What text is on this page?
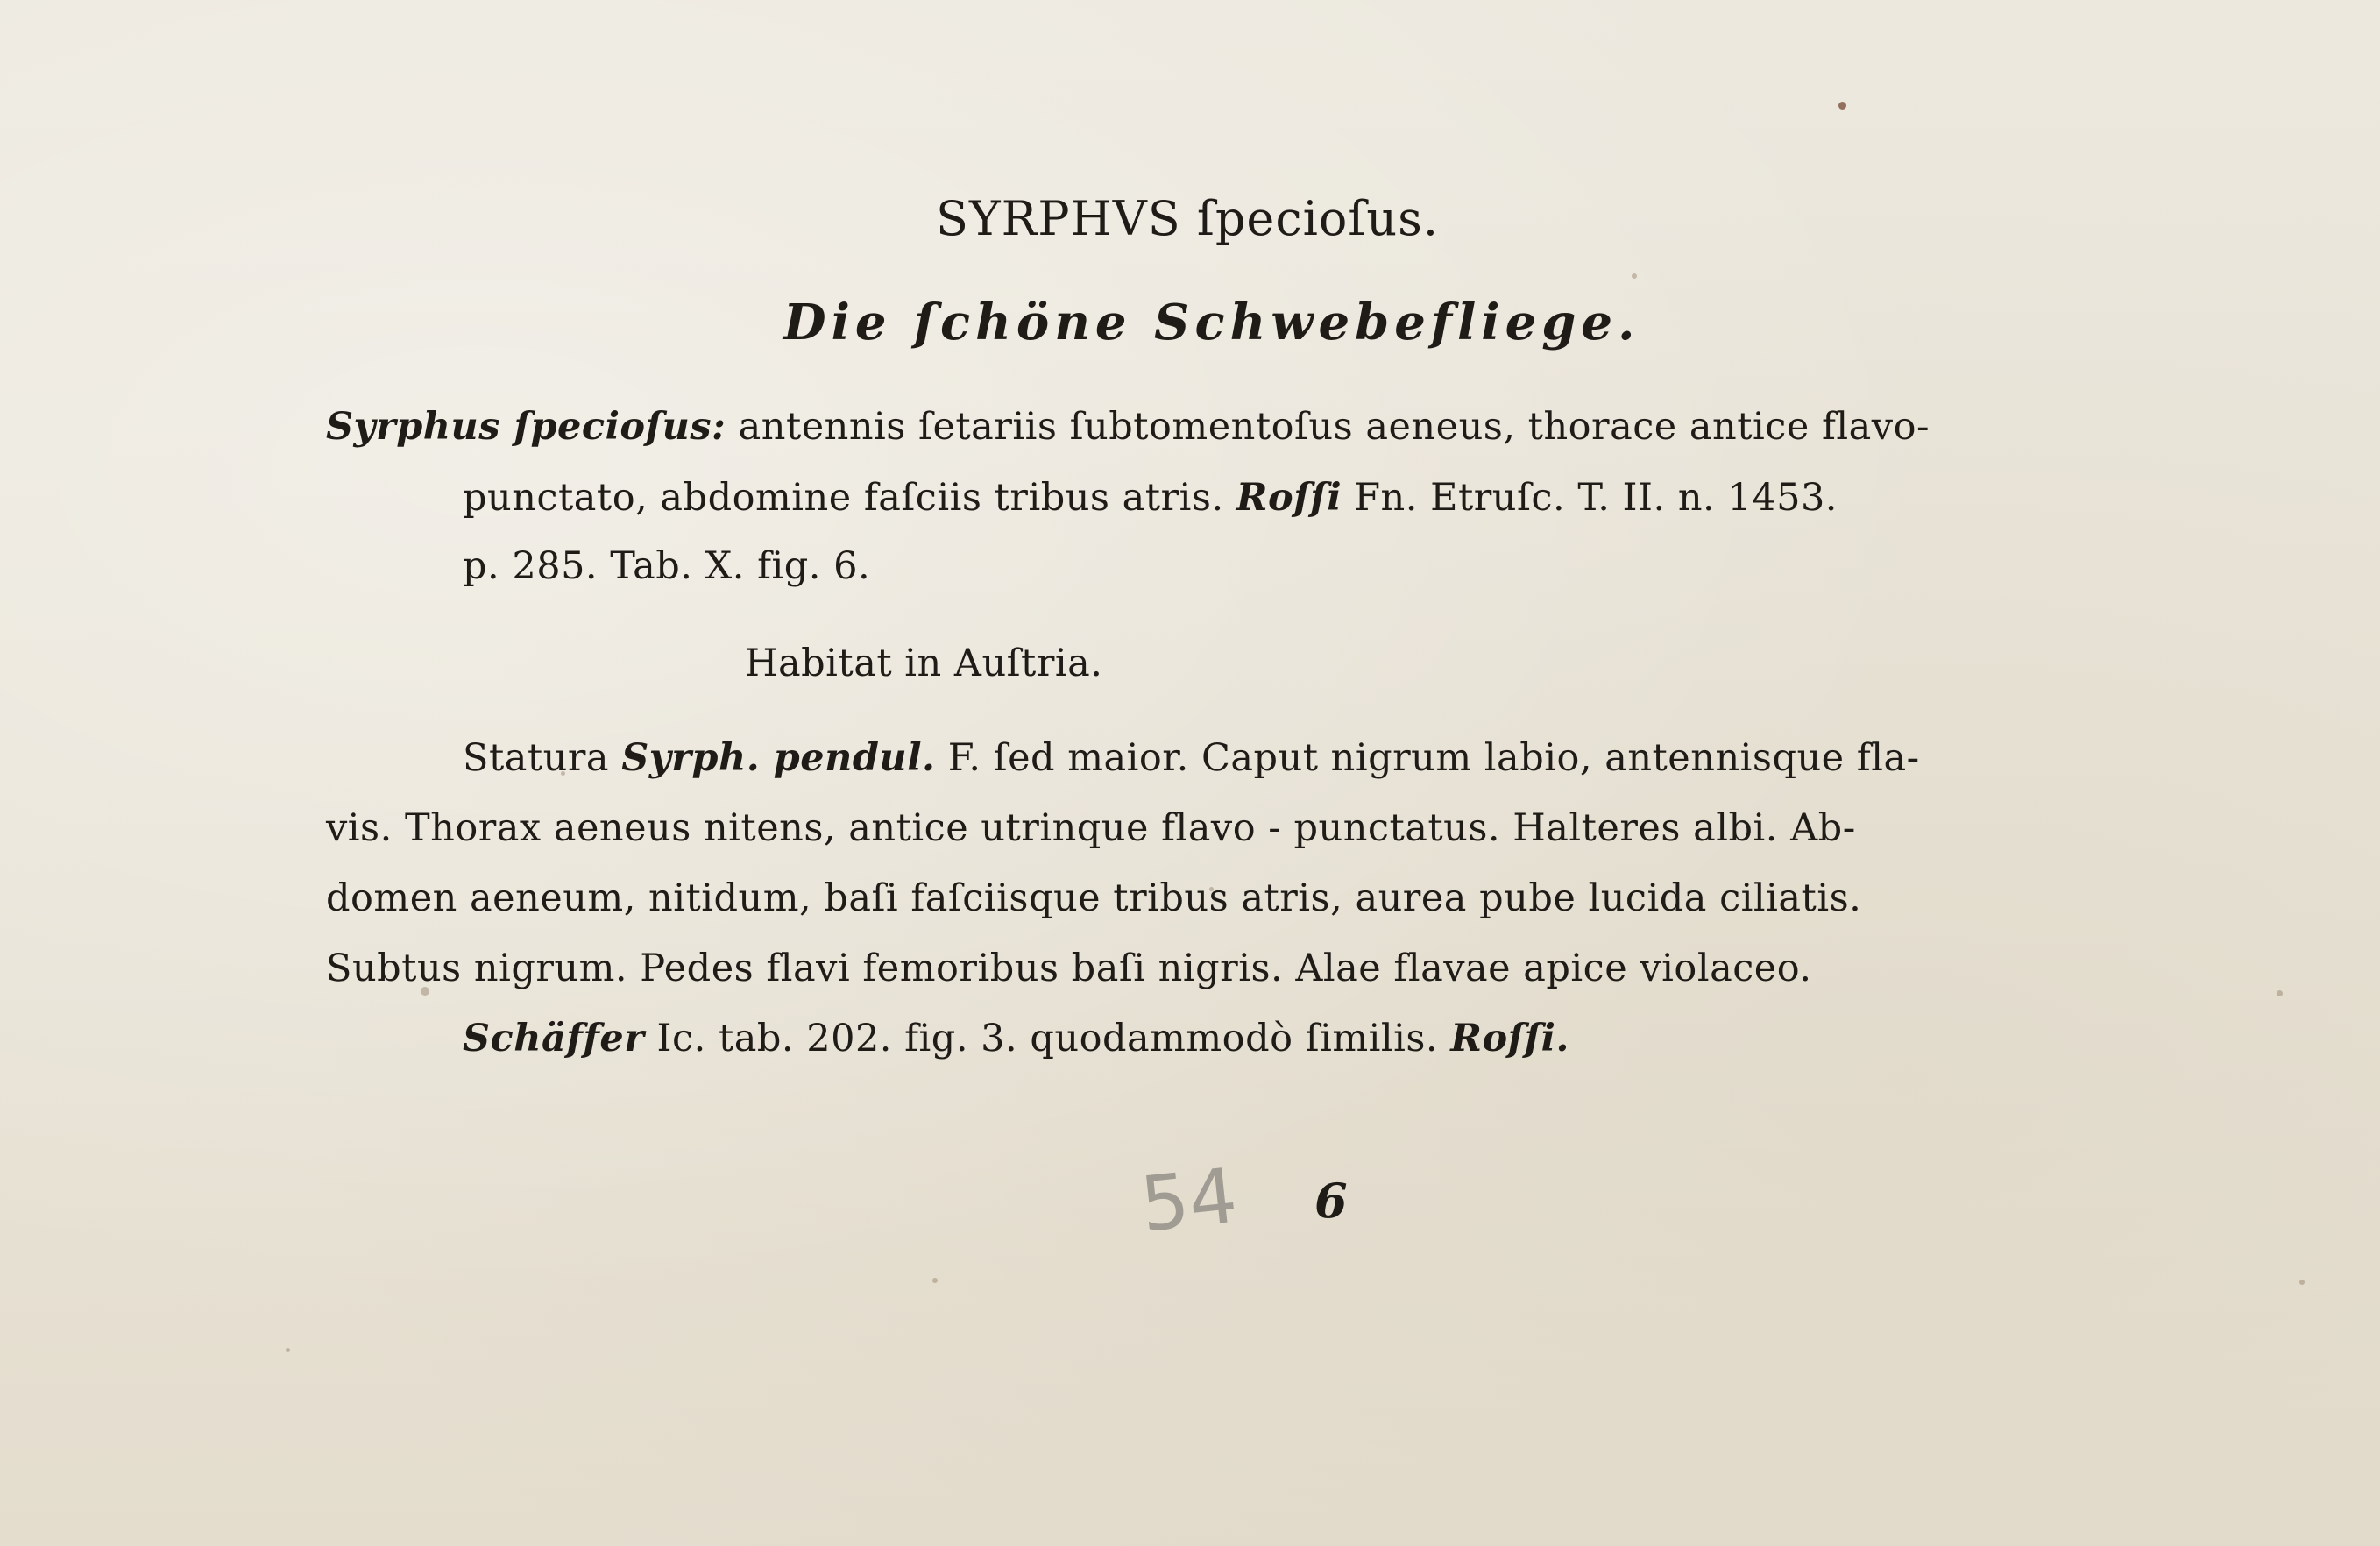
SYRPHVS ſpecioſus.
Die ſchöne Schwebefliege.
Syrphus ſpecioſus: antennis ſetariis ſubtomentoſus aeneus, thorace antice flavo-
punctato, abdomine faſciis tribus atris. Roſſi Fn. Etruſc. T. II. n. 1453.
p. 285. Tab. X. fig. 6.
Habitat in Auſtria.
Statura Syrph. pendul. F. ſed maior. Caput nigrum labio, antennisque fla-
vis. Thorax aeneus nitens, antice utrinque flavo - punctatus. Halteres albi. Ab-
domen aeneum, nitidum, baſi faſciisque tribus atris, aurea pube lucida ciliatis.
Subtus nigrum. Pedes flavi femoribus baſi nigris. Alae flavae apice violaceo.
Schäffer Ic. tab. 202. fig. 3. quodammodò ſimilis. Roſſi.
54 6
